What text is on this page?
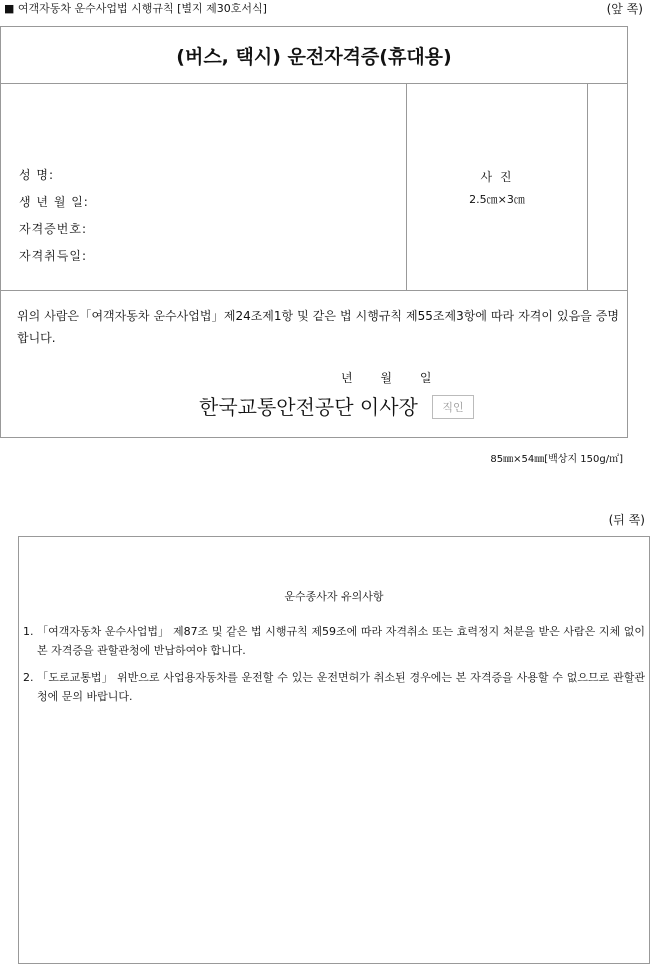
■ 여객자동차 운수사업법 시행규칙 [별지 제30호서식]	(앞 쪽)
(버스, 택시) 운전자격증(휴대용)
성 명:
생 년 월 일:
자격증번호:
자격취득일:
사 진
2.5㎝×3㎝
위의 사람은「여객자동차 운수사업법」제24조제1항 및 같은 법 시행규칙 제55조제3항에 따라 자격이 있음을 증명합니다.
년 월 일
한국교통안전공단 이사장	직인
85㎜×54㎜[백상지 150g/㎡]
(뒤 쪽)
운수종사자 유의사항
1. 「여객자동차 운수사업법」 제87조 및 같은 법 시행규칙 제59조에 따라 자격취소 또는 효력정지 처분을 받은 사람은 지체 없이 본 자격증을 관할관청에 반납하여야 합니다.
2. 「도로교통법」 위반으로 사업용자동차를 운전할 수 있는 운전면허가 취소된 경우에는 본 자격증을 사용할 수 없으므로 관할관청에 문의 바랍니다.
